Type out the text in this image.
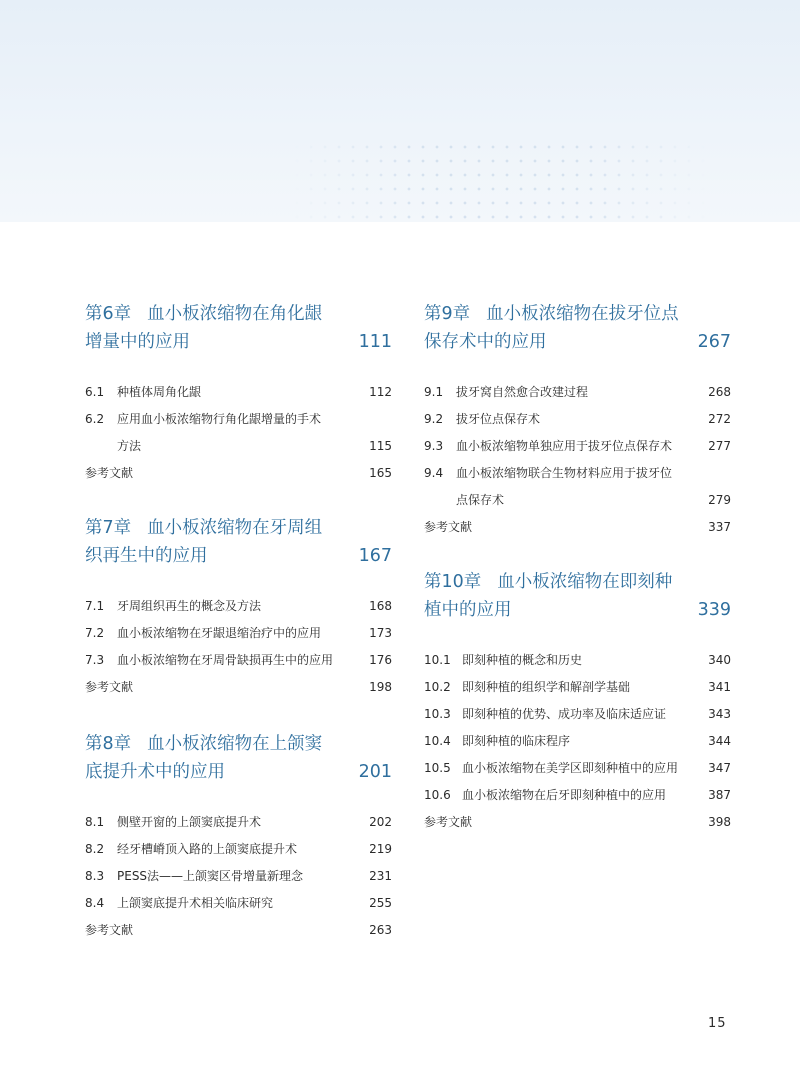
第6章 血小板浓缩物在角化龈
增量中的应用	111
6.1 种植体周角化龈	112
6.2 应用血小板浓缩物行角化龈增量的手术
方法	115
参考文献	165
第7章 血小板浓缩物在牙周组
织再生中的应用	167
7.1 牙周组织再生的概念及方法	168
7.2 血小板浓缩物在牙龈退缩治疗中的应用	173
7.3 血小板浓缩物在牙周骨缺损再生中的应用	176
参考文献	198
第8章 血小板浓缩物在上颌窦
底提升术中的应用	201
8.1 侧壁开窗的上颌窦底提升术	202
8.2 经牙槽嵴顶入路的上颌窦底提升术	219
8.3 PESS法——上颌窦区骨增量新理念	231
8.4 上颌窦底提升术相关临床研究	255
参考文献	263
第9章 血小板浓缩物在拔牙位点
保存术中的应用	267
9.1 拔牙窝自然愈合改建过程	268
9.2 拔牙位点保存术	272
9.3 血小板浓缩物单独应用于拔牙位点保存术	277
9.4 血小板浓缩物联合生物材料应用于拔牙位
点保存术	279
参考文献	337
第10章 血小板浓缩物在即刻种
植中的应用	339
10.1 即刻种植的概念和历史	340
10.2 即刻种植的组织学和解剖学基础	341
10.3 即刻种植的优势、成功率及临床适应证	343
10.4 即刻种植的临床程序	344
10.5 血小板浓缩物在美学区即刻种植中的应用	347
10.6 血小板浓缩物在后牙即刻种植中的应用	387
参考文献	398
15
